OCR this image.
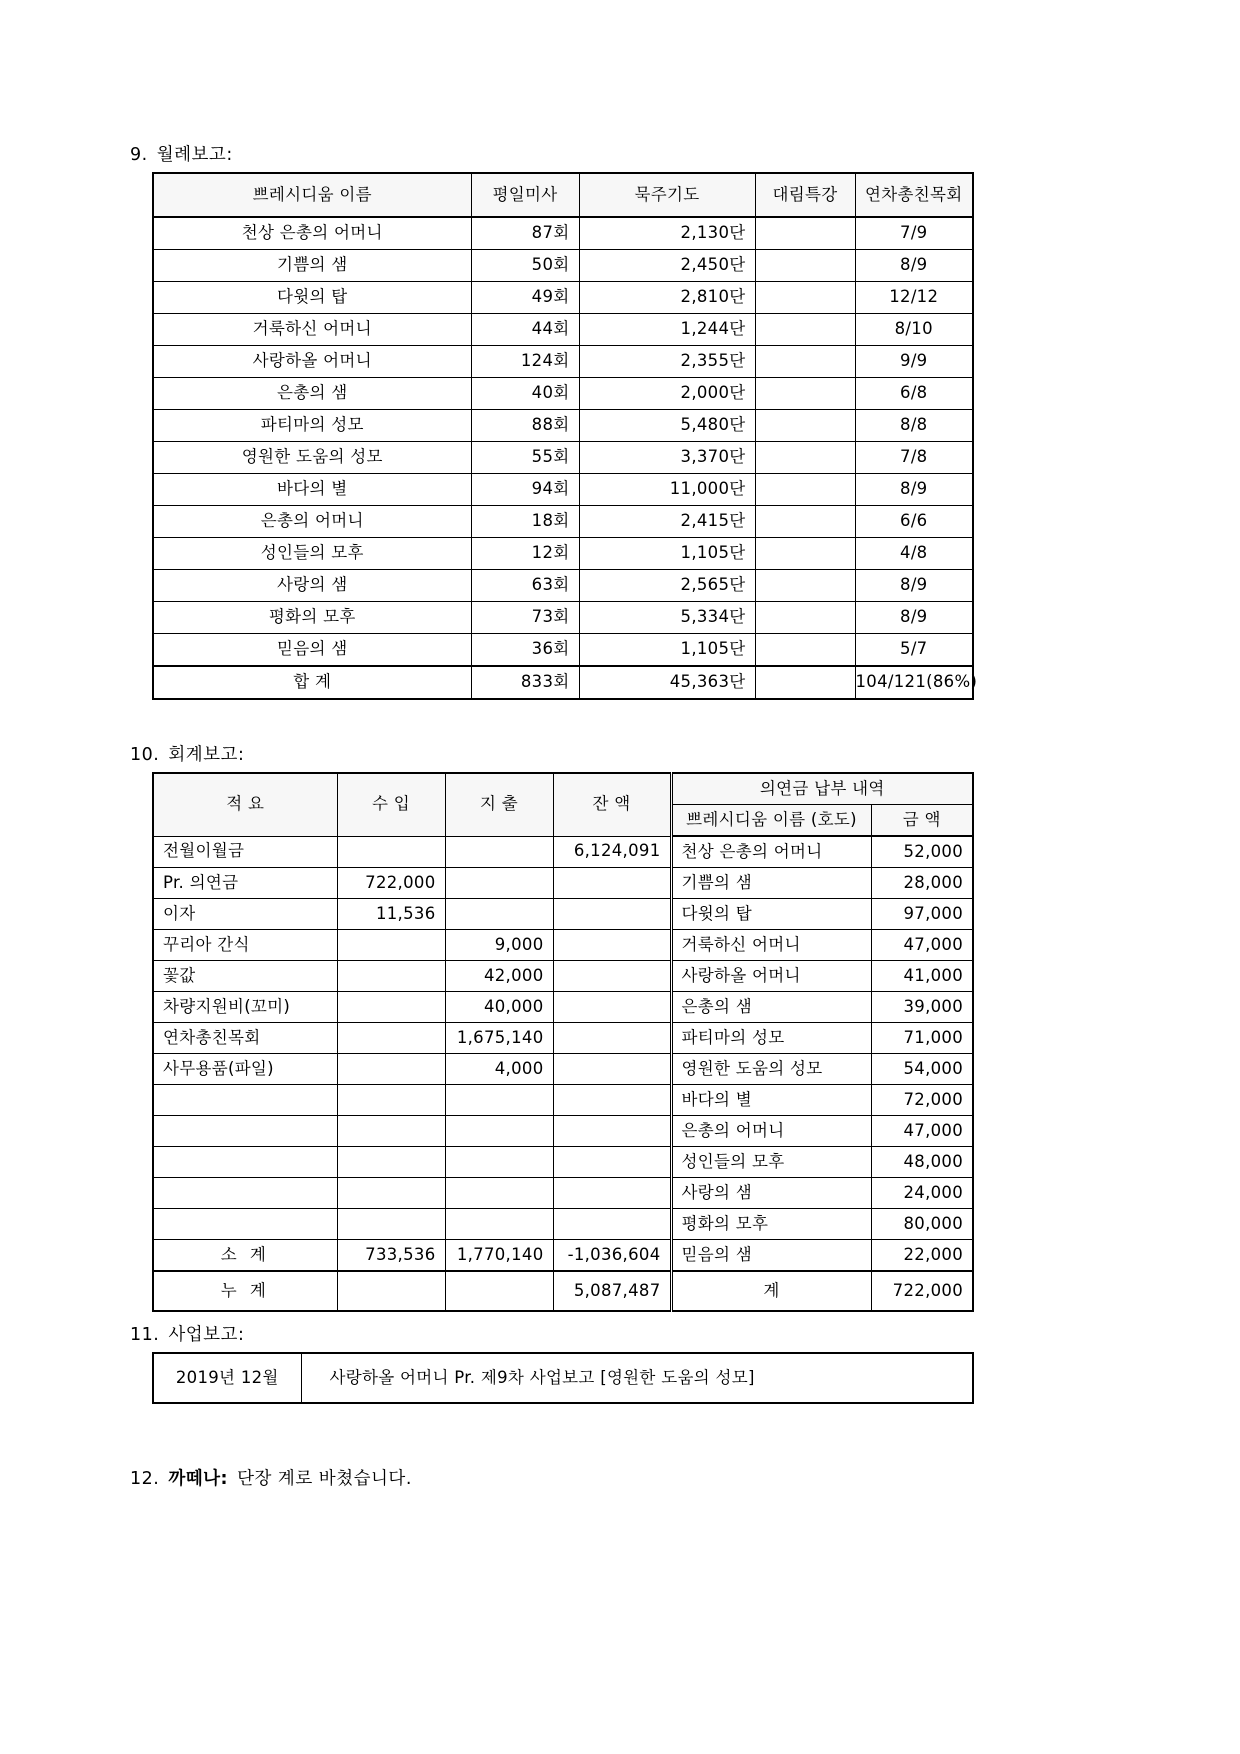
9. 월례보고:
쁘레시디움 이름	평일미사	묵주기도	대림특강	연차총친목회
천상 은총의 어머니	87회	2,130단		7/9
기쁨의 샘	50회	2,450단		8/9
다윗의 탑	49회	2,810단		12/12
거룩하신 어머니	44회	1,244단		8/10
사랑하올 어머니	124회	2,355단		9/9
은총의 샘	40회	2,000단		6/8
파티마의 성모	88회	5,480단		8/8
영원한 도움의 성모	55회	3,370단		7/8
바다의 별	94회	11,000단		8/9
은총의 어머니	18회	2,415단		6/6
성인들의 모후	12회	1,105단		4/8
사랑의 샘	63회	2,565단		8/9
평화의 모후	73회	5,334단		8/9
믿음의 샘	36회	1,105단		5/7
합 계	833회	45,363단		104/121(86%)
10. 회계보고:
적 요	수 입	지 출	잔 액	의연금 납부 내역	
				쁘레시디움 이름 (호도)	금 액
전월이월금			6,124,091	천상 은총의 어머니	52,000
Pr. 의연금	722,000			기쁨의 샘	28,000
이자	11,536			다윗의 탑	97,000
꾸리아 간식		9,000		거룩하신 어머니	47,000
꽃값		42,000		사랑하올 어머니	41,000
차량지원비(꼬미)		40,000		은총의 샘	39,000
연차총친목회		1,675,140		파티마의 성모	71,000
사무용품(파일)		4,000		영원한 도움의 성모	54,000
				바다의 별	72,000
				은총의 어머니	47,000
				성인들의 모후	48,000
				사랑의 샘	24,000
				평화의 모후	80,000
소 계	733,536	1,770,140	-1,036,604	믿음의 샘	22,000
누 계			5,087,487	계	722,000
11. 사업보고:
2019년 12월	사랑하올 어머니 Pr. 제9차 사업보고 [영원한 도움의 성모]
12. 까떼나: 단장 계로 바쳤습니다.
